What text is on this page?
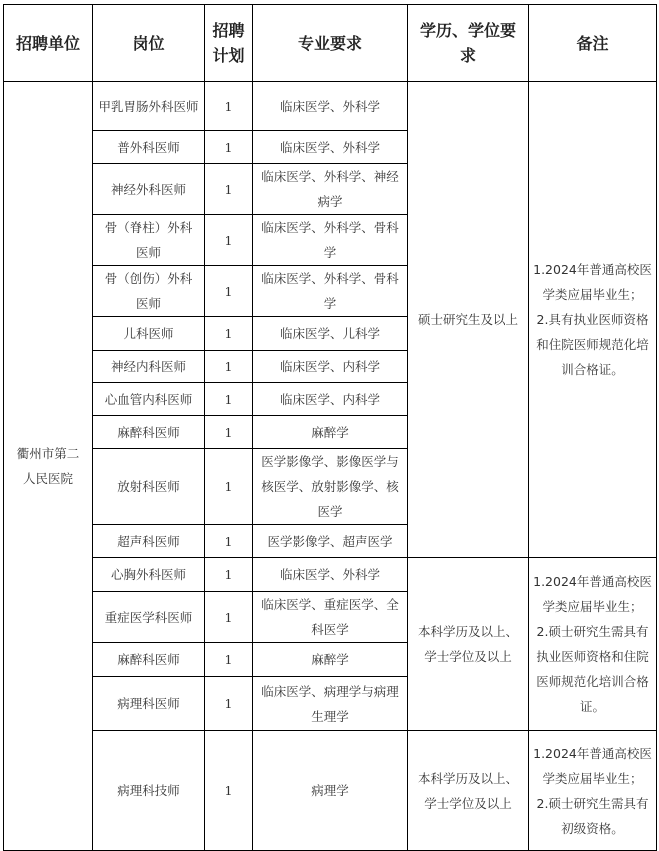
招聘单位	岗位	招聘计划	专业要求	学历、学位要求	备注
衢州市第二人民医院	甲乳胃肠外科医师	1	临床医学、外科学	硕士研究生及以上	1.2024年普通高校医学类应届毕业生；
2.具有执业医师资格和住院医师规范化培训合格证。

	普外科医师	1	临床医学、外科学		
	神经外科医师	1	临床医学、外科学、神经病学		
	骨（脊柱）外科医师	1	临床医学、外科学、骨科学		
	骨（创伤）外科医师	1	临床医学、外科学、骨科学		
	儿科医师	1	临床医学、儿科学		
	神经内科医师	1	临床医学、内科学		
	心血管内科医师	1	临床医学、内科学		
	麻醉科医师	1	麻醉学		
	放射科医师	1	医学影像学、影像医学与核医学、放射影像学、核医学		
	超声科医师	1	医学影像学、超声医学		
	心胸外科医师	1	临床医学、外科学	本科学历及以上、学士学位及以上	1.2024年普通高校医学类应届毕业生；
2.硕士研究生需具有执业医师资格和住院医师规范化培训合格证。

	重症医学科医师	1	临床医学、重症医学、全科医学		
	麻醉科医师	1	麻醉学		
	病理科医师	1	临床医学、病理学与病理生理学		
	病理科技师	1	病理学	本科学历及以上、学士学位及以上	1.2024年普通高校医学类应届毕业生；
2.硕士研究生需具有初级资格。
